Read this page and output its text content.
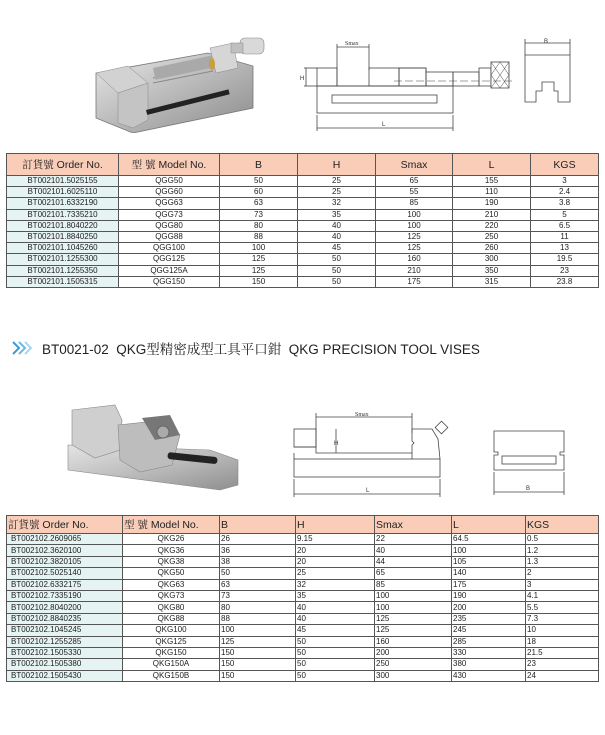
Smax
H
L
B
訂貨號 Order No.	型 號 Model No.	B	H	Smax	L	KGS
BT002101.5025155	QGG50	50	25	65	155	3
BT002101.6025110	QGG60	60	25	55	110	2.4
BT002101.6332190	QGG63	63	32	85	190	3.8
BT002101.7335210	QGG73	73	35	100	210	5
BT002101.8040220	QGG80	80	40	100	220	6.5
BT002101.8840250	QGG88	88	40	125	250	11
BT002101.1045260	QGG100	100	45	125	260	13
BT002101.1255300	QGG125	125	50	160	300	19.5
BT002101.1255350	QGG125A	125	50	210	350	23
BT002101.1505315	QGG150	150	50	175	315	23.8
BT0021-02  QKG型精密成型工具平口鉗  QKG PRECISION TOOL VISES
Smax
H
L	B
訂貨號 Order No.	型 號 Model No.	B	H	Smax	L	KGS
BT002102.2609065	QKG26	26	9.15	22	64.5	0.5
BT002102.3620100	QKG36	36	20	40	100	1.2
BT002102.3820105	QKG38	38	20	44	105	1.3
BT002102.5025140	QKG50	50	25	65	140	2
BT002102.6332175	QKG63	63	32	85	175	3
BT002102.7335190	QKG73	73	35	100	190	4.1
BT002102.8040200	QKG80	80	40	100	200	5.5
BT002102.8840235	QKG88	88	40	125	235	7.3
BT002102.1045245	QKG100	100	45	125	245	10
BT002102.1255285	QKG125	125	50	160	285	18
BT002102.1505330	QKG150	150	50	200	330	21.5
BT002102.1505380	QKG150A	150	50	250	380	23
BT002102.1505430	QKG150B	150	50	300	430	24
